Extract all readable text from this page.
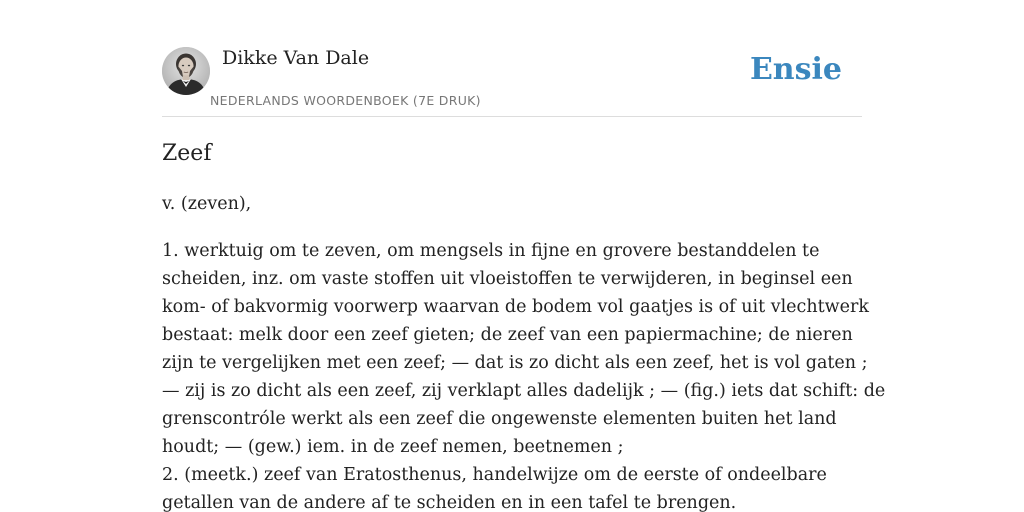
Dikke Van Dale
NEDERLANDS WOORDENBOEK (7E DRUK)
Ensie
Zeef

v. (zeven),

1. werktuig om te zeven, om mengsels in fijne en grovere bestanddelen te
scheiden, inz. om vaste stoffen uit vloeistoffen te verwijderen, in beginsel een
kom- of bakvormig voorwerp waarvan de bodem vol gaatjes is of uit vlechtwerk
bestaat: melk door een zeef gieten; de zeef van een papiermachine; de nieren
zijn te vergelijken met een zeef; — dat is zo dicht als een zeef, het is vol gaten ;
— zij is zo dicht als een zeef, zij verklapt alles dadelijk ; — (fig.) iets dat schift: de
grenscontróle werkt als een zeef die ongewenste elementen buiten het land
houdt; — (gew.) iem. in de zeef nemen, beetnemen ;
2. (meetk.) zeef van Eratosthenus, handelwijze om de eerste of ondeelbare
getallen van de andere af te scheiden en in een tafel te brengen.
